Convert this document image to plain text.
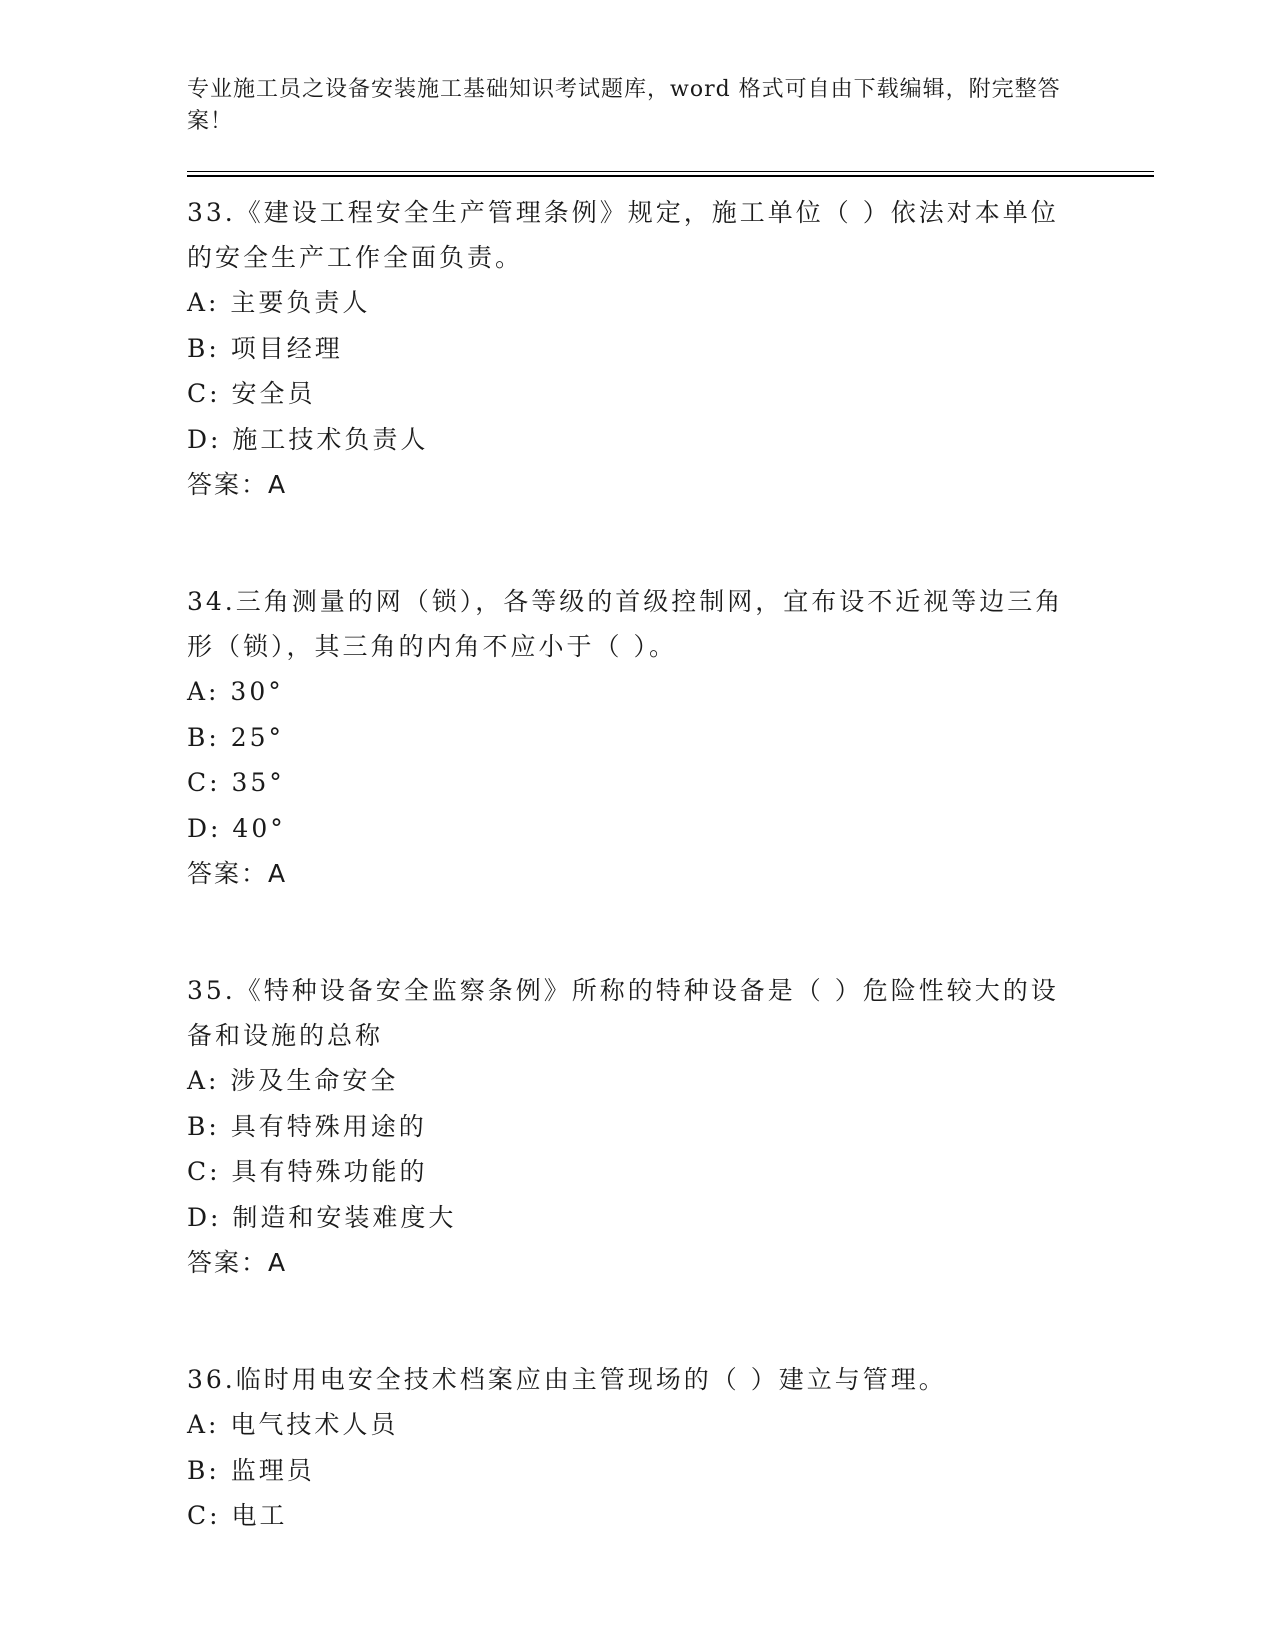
专业施工员之设备安装施工基础知识考试题库，word 格式可自由下载编辑，附完整答案！
33.《建设工程安全生产管理条例》规定，施工单位（ ）依法对本单位的安全生产工作全面负责。
A: 主要负责人
B: 项目经理
C: 安全员
D: 施工技术负责人
答案：A
34.三角测量的网（锁），各等级的首级控制网，宜布设不近视等边三角形（锁），其三角的内角不应小于（ ）。
A: 30°
B: 25°
C: 35°
D: 40°
答案：A
35.《特种设备安全监察条例》所称的特种设备是（ ）危险性较大的设备和设施的总称
A: 涉及生命安全
B: 具有特殊用途的
C: 具有特殊功能的
D: 制造和安装难度大
答案：A
36.临时用电安全技术档案应由主管现场的（ ）建立与管理。
A: 电气技术人员
B: 监理员
C: 电工
